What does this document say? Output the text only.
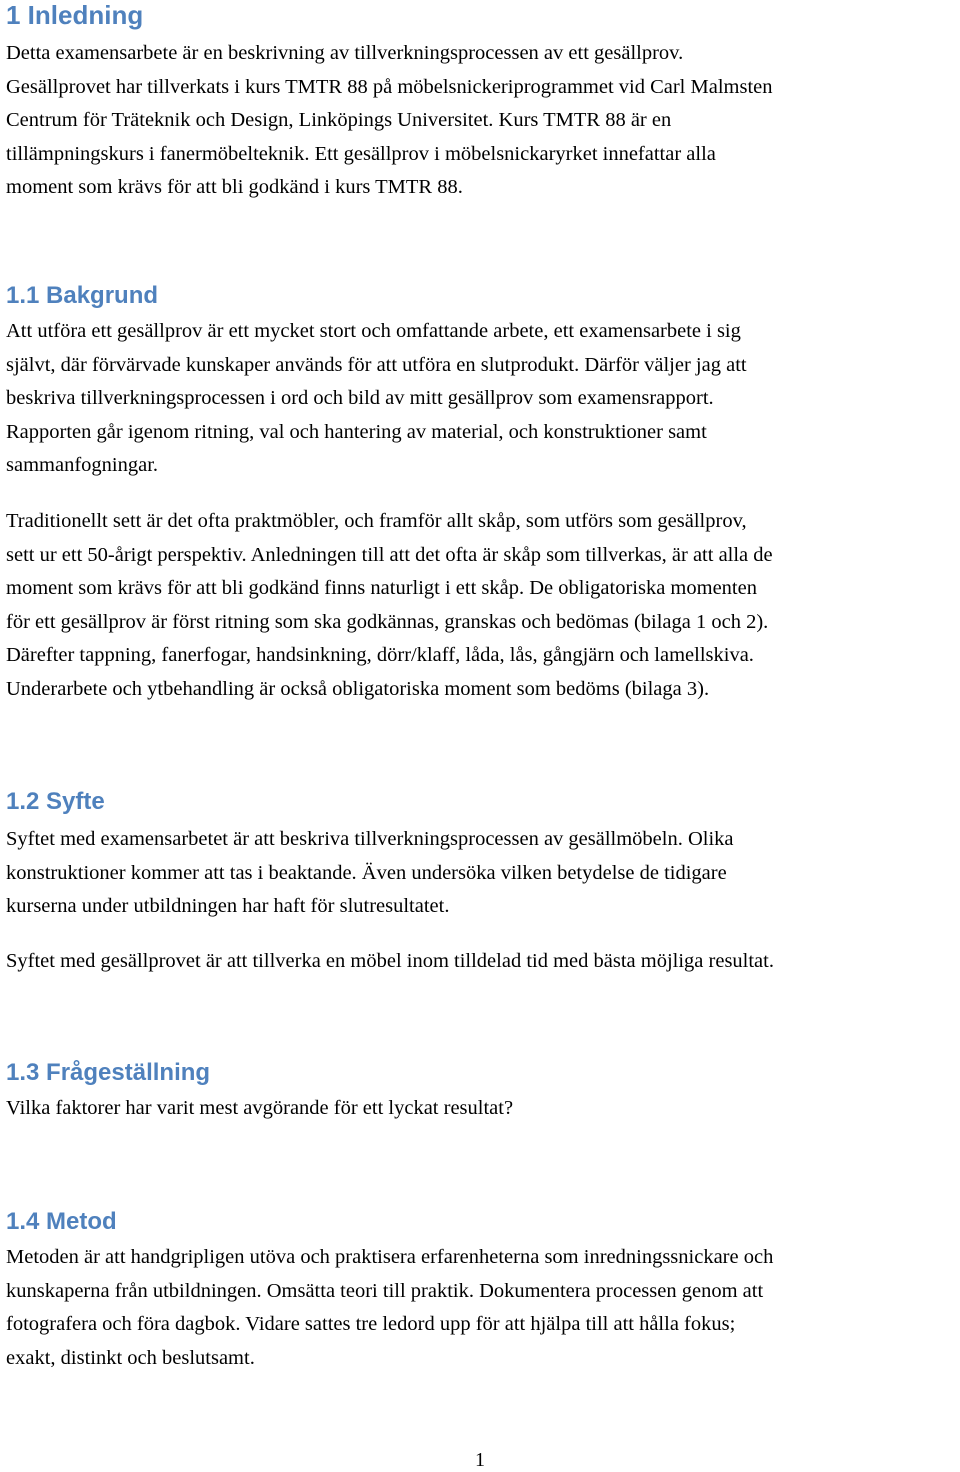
1 Inledning

Detta examensarbete är en beskrivning av tillverkningsprocessen av ett gesällprov.
Gesällprovet har tillverkats i kurs TMTR 88 på möbelsnickeriprogrammet vid Carl Malmsten
Centrum för Träteknik och Design, Linköpings Universitet. Kurs TMTR 88 är en
tillämpningskurs i fanermöbelteknik. Ett gesällprov i möbelsnickaryrket innefattar alla
moment som krävs för att bli godkänd i kurs TMTR 88.

1.1 Bakgrund

Att utföra ett gesällprov är ett mycket stort och omfattande arbete, ett examensarbete i sig
självt, där förvärvade kunskaper används för att utföra en slutprodukt. Därför väljer jag att
beskriva tillverkningsprocessen i ord och bild av mitt gesällprov som examensrapport.
Rapporten går igenom ritning, val och hantering av material, och konstruktioner samt
sammanfogningar.

Traditionellt sett är det ofta praktmöbler, och framför allt skåp, som utförs som gesällprov,
sett ur ett 50-årigt perspektiv. Anledningen till att det ofta är skåp som tillverkas, är att alla de
moment som krävs för att bli godkänd finns naturligt i ett skåp. De obligatoriska momenten
för ett gesällprov är först ritning som ska godkännas, granskas och bedömas (bilaga 1 och 2).
Därefter tappning, fanerfogar, handsinkning, dörr/klaff, låda, lås, gångjärn och lamellskiva.
Underarbete och ytbehandling är också obligatoriska moment som bedöms (bilaga 3).

1.2 Syfte

Syftet med examensarbetet är att beskriva tillverkningsprocessen av gesällmöbeln. Olika
konstruktioner kommer att tas i beaktande. Även undersöka vilken betydelse de tidigare
kurserna under utbildningen har haft för slutresultatet.

Syftet med gesällprovet är att tillverka en möbel inom tilldelad tid med bästa möjliga resultat.

1.3 Frågeställning

Vilka faktorer har varit mest avgörande för ett lyckat resultat?

1.4 Metod

Metoden är att handgripligen utöva och praktisera erfarenheterna som inredningssnickare och
kunskaperna från utbildningen. Omsätta teori till praktik. Dokumentera processen genom att
fotografera och föra dagbok. Vidare sattes tre ledord upp för att hjälpa till att hålla fokus;
exakt, distinkt och beslutsamt.

1
